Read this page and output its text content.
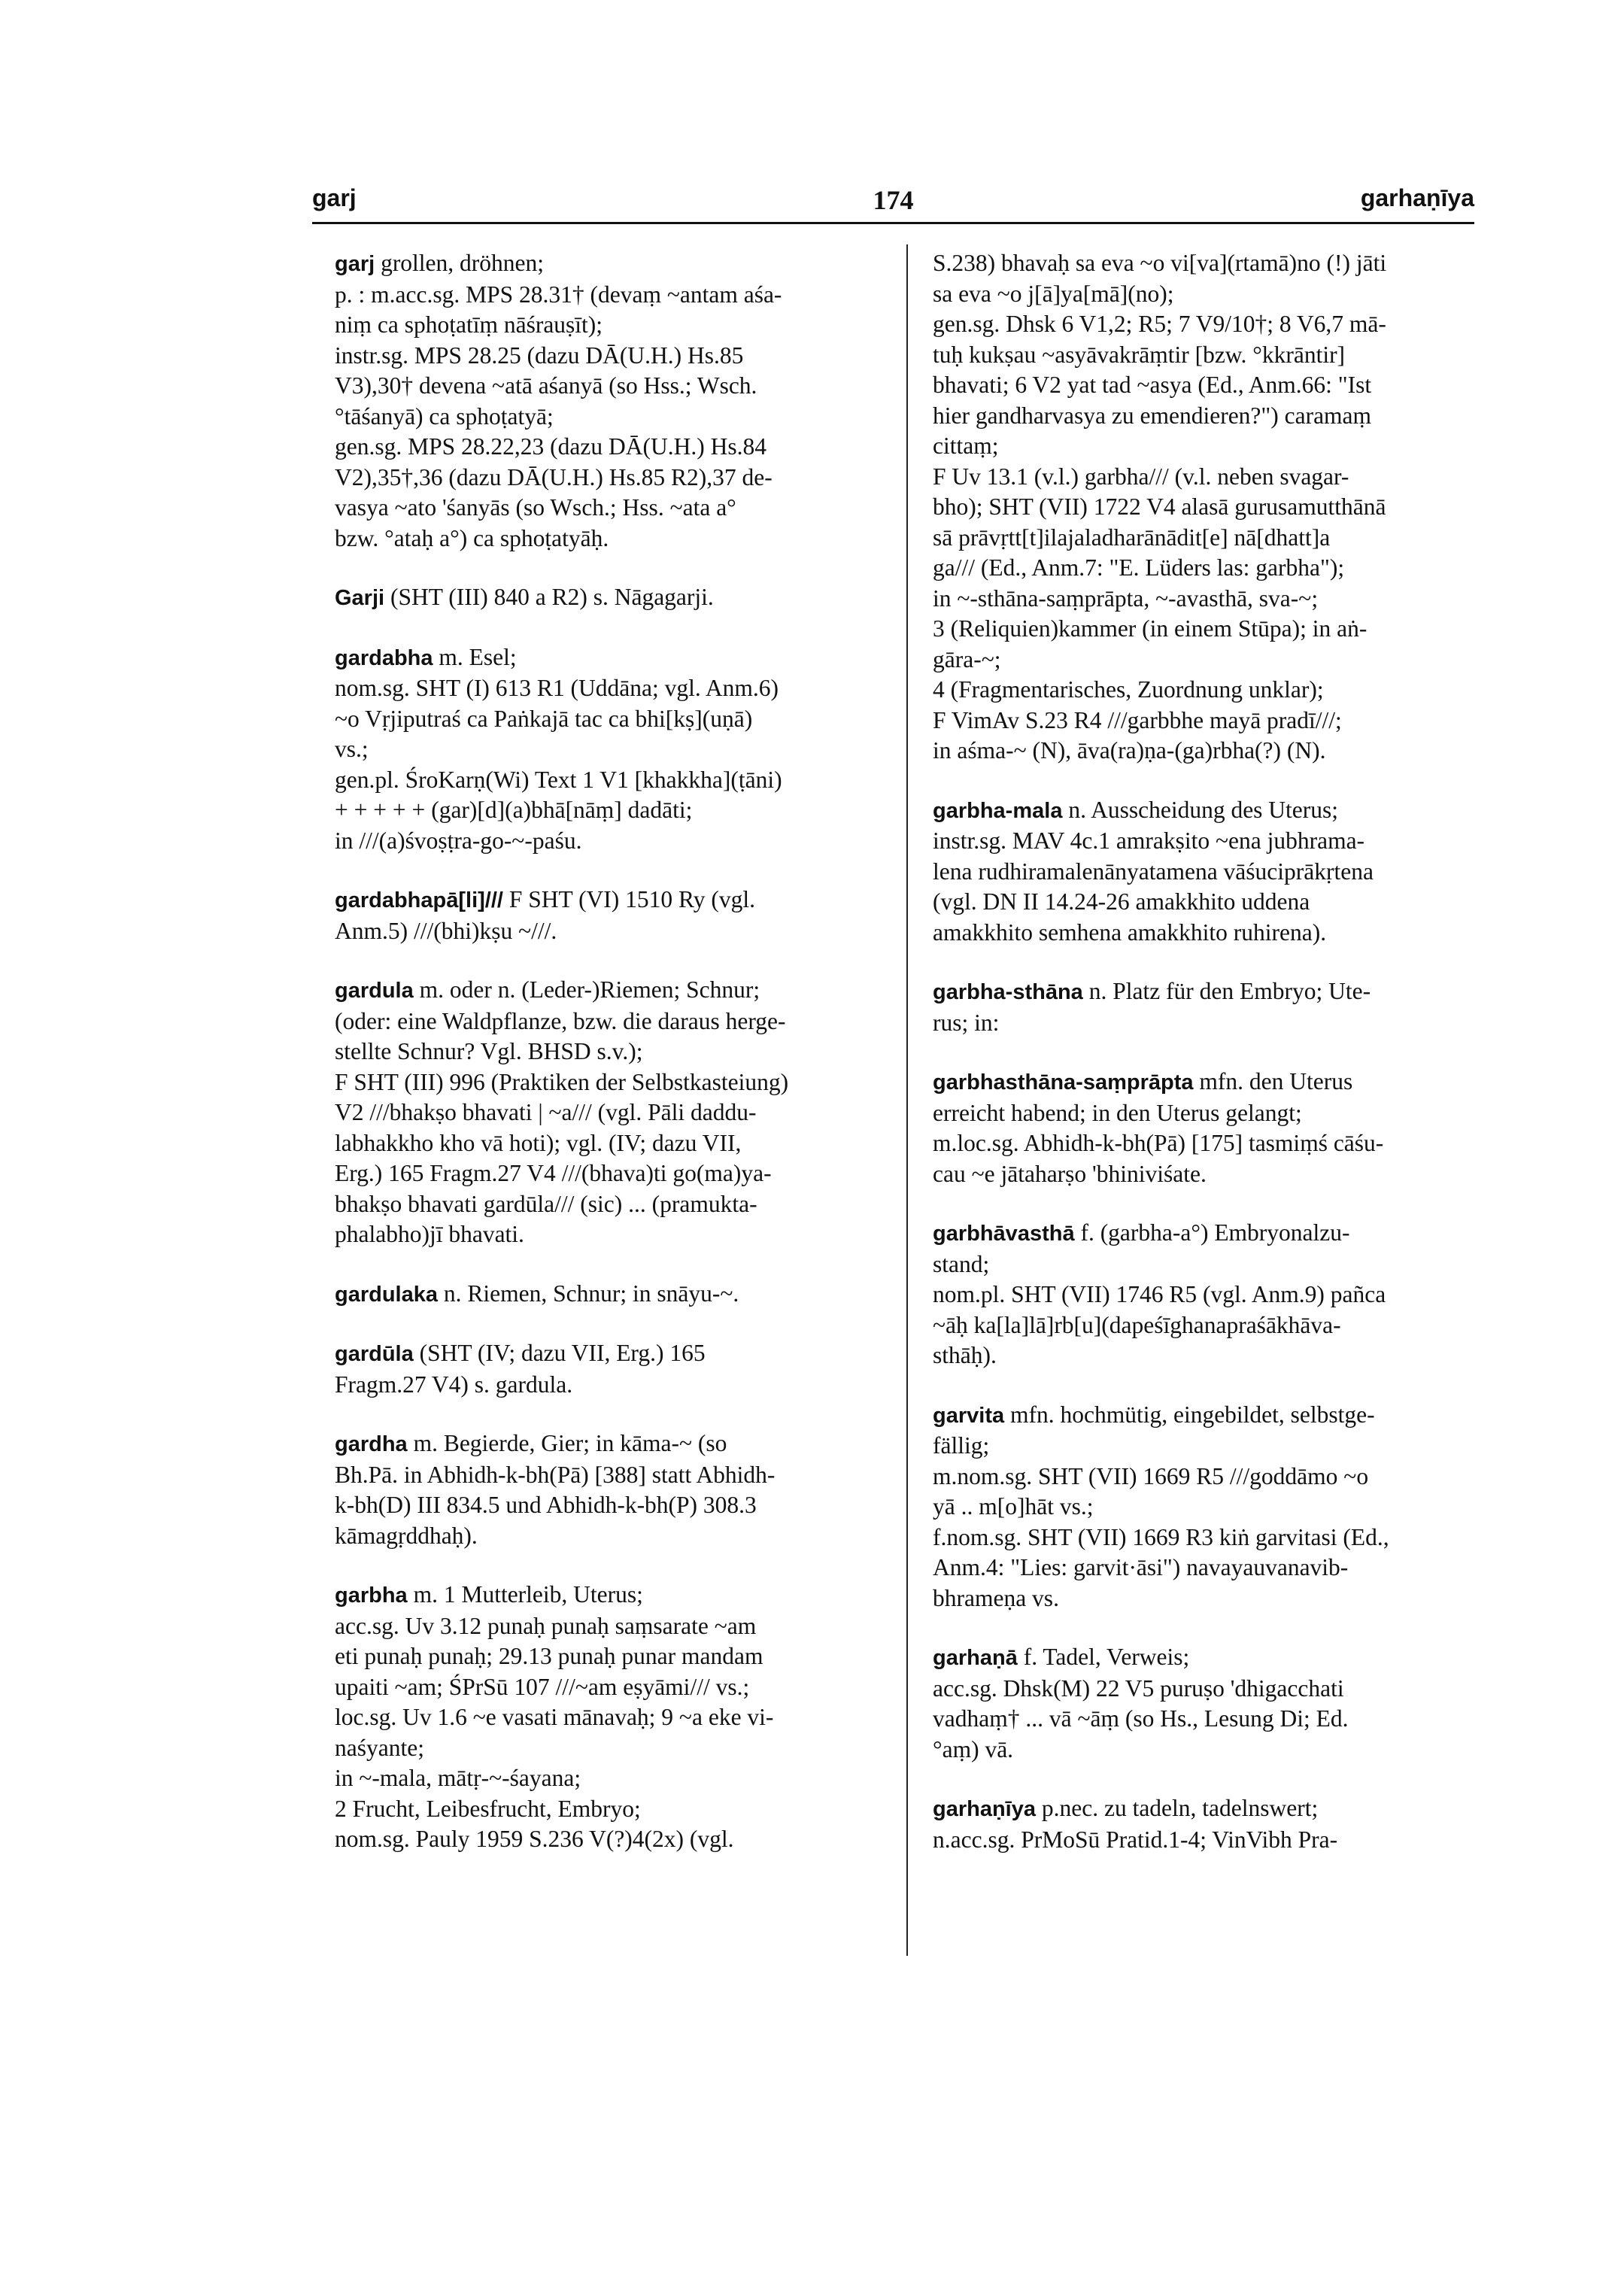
garj	174	garhaṇīya
garj grollen, dröhnen;
p. : m.acc.sg. MPS 28.31† (devaṃ ~antam aśa-
niṃ ca sphoṭatīṃ nāśrauṣīt);
instr.sg. MPS 28.25 (dazu DĀ(U.H.) Hs.85
V3),30† devena ~atā aśanyā (so Hss.; Wsch.
°tāśanyā) ca sphoṭatyā;
gen.sg. MPS 28.22,23 (dazu DĀ(U.H.) Hs.84
V2),35†,36 (dazu DĀ(U.H.) Hs.85 R2),37 de-
vasya ~ato 'śanyās (so Wsch.; Hss. ~ata a°
bzw. °ataḥ a°) ca sphoṭatyāḥ.
Garji (SHT (III) 840 a R2) s. Nāgagarji.
gardabha m. Esel;
nom.sg. SHT (I) 613 R1 (Uddāna; vgl. Anm.6)
~o Vṛjiputraś ca Paṅkajā tac ca bhi[kṣ](uṇā)
vs.;
gen.pl. ŚroKarṇ(Wi) Text 1 V1 [khakkha](ṭāni)
+ + + + + (gar)[d](a)bhā[nāṃ] dadāti;
in ///(a)śvoṣṭra-go-~-paśu.
gardabhapā[li]/// F SHT (VI) 1510 Ry (vgl.
Anm.5) ///(bhi)kṣu ~///.
gardula m. oder n. (Leder-)Riemen; Schnur;
(oder: eine Waldpflanze, bzw. die daraus herge-
stellte Schnur? Vgl. BHSD s.v.);
F SHT (III) 996 (Praktiken der Selbstkasteiung)
V2 ///bhakṣo bhavati | ~a/// (vgl. Pāli daddu-
labhakkho kho vā hoti); vgl. (IV; dazu VII,
Erg.) 165 Fragm.27 V4 ///(bhava)ti go(ma)ya-
bhakṣo bhavati gardūla/// (sic) ... (pramukta-
phalabho)jī bhavati.
gardulaka n. Riemen, Schnur; in snāyu-~.
gardūla (SHT (IV; dazu VII, Erg.) 165
Fragm.27 V4) s. gardula.
gardha m. Begierde, Gier; in kāma-~ (so
Bh.Pā. in Abhidh-k-bh(Pā) [388] statt Abhidh-
k-bh(D) III 834.5 und Abhidh-k-bh(P) 308.3
kāmagṛddhaḥ).
garbha m. 1 Mutterleib, Uterus;
acc.sg. Uv 3.12 punaḥ punaḥ saṃsarate ~am
eti punaḥ punaḥ; 29.13 punaḥ punar mandam
upaiti ~am; ŚPrSū 107 ///~am eṣyāmi/// vs.;
loc.sg. Uv 1.6 ~e vasati mānavaḥ; 9 ~a eke vi-
naśyante;
in ~-mala, mātṛ-~-śayana;
2 Frucht, Leibesfrucht, Embryo;
nom.sg. Pauly 1959 S.236 V(?)4(2x) (vgl.
S.238) bhavaḥ sa eva ~o vi[va](rtamā)no (!) jāti
sa eva ~o j[ā]ya[mā](no);
gen.sg. Dhsk 6 V1,2; R5; 7 V9/10†; 8 V6,7 mā-
tuḥ kukṣau ~asyāvakrāṃtir [bzw. °kkrāntir]
bhavati; 6 V2 yat tad ~asya (Ed., Anm.66: "Ist
hier gandharvasya zu emendieren?") caramaṃ
cittaṃ;
F Uv 13.1 (v.l.) garbha/// (v.l. neben svagar-
bho); SHT (VII) 1722 V4 alasā gurusamutthānā
sā prāvṛtt[t]ilajaladharānādit[e] nā[dhatt]a
ga/// (Ed., Anm.7: "E. Lüders las: garbha");
in ~-sthāna-saṃprāpta, ~-avasthā, sva-~;
3 (Reliquien)kammer (in einem Stūpa); in aṅ-
gāra-~;
4 (Fragmentarisches, Zuordnung unklar);
F VimAv S.23 R4 ///garbbhe mayā pradī///;
in aśma-~ (N), āva(ra)ṇa-(ga)rbha(?) (N).
garbha-mala n. Ausscheidung des Uterus;
instr.sg. MAV 4c.1 amrakṣito ~ena jubhrama-
lena rudhiramalenānyatamena vāśuciprākṛtena
(vgl. DN II 14.24-26 amakkhito uddena
amakkhito semhena amakkhito ruhirena).
garbha-sthāna n. Platz für den Embryo; Ute-
rus; in:
garbhasthāna-saṃprāpta mfn. den Uterus
erreicht habend; in den Uterus gelangt;
m.loc.sg. Abhidh-k-bh(Pā) [175] tasmiṃś cāśu-
cau ~e jātaharṣo 'bhiniviśate.
garbhāvasthā f. (garbha-a°) Embryonalzu-
stand;
nom.pl. SHT (VII) 1746 R5 (vgl. Anm.9) pañca
~āḥ ka[la]lā]rb[u](dapeśīghanapraśākhāva-
sthāḥ).
garvita mfn. hochmütig, eingebildet, selbstge-
fällig;
m.nom.sg. SHT (VII) 1669 R5 ///goddāmo ~o
yā .. m[o]hāt vs.;
f.nom.sg. SHT (VII) 1669 R3 kiṅ garvitasi (Ed.,
Anm.4: "Lies: garvit·āsi") navayauvanavib-
bhrameṇa vs.
garhaṇā f. Tadel, Verweis;
acc.sg. Dhsk(M) 22 V5 puruṣo 'dhigacchati
vadhaṃ† ... vā ~āṃ (so Hs., Lesung Di; Ed.
°aṃ) vā.
garhaṇīya p.nec. zu tadeln, tadelnswert;
n.acc.sg. PrMoSū Pratid.1-4; VinVibh Pra-
